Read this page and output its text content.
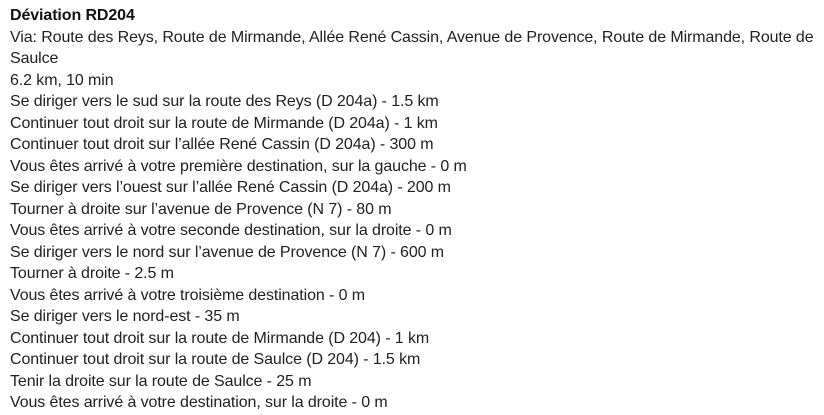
Déviation RD204
Via: Route des Reys, Route de Mirmande, Allée René Cassin, Avenue de Provence, Route de Mirmande, Route de Saulce
6.2 km, 10 min
Se diriger vers le sud sur la route des Reys (D 204a) - 1.5 km
Continuer tout droit sur la route de Mirmande (D 204a) - 1 km
Continuer tout droit sur l’allée René Cassin (D 204a) - 300 m
Vous êtes arrivé à votre première destination, sur la gauche - 0 m
Se diriger vers l’ouest sur l’allée René Cassin (D 204a) - 200 m
Tourner à droite sur l’avenue de Provence (N 7) - 80 m
Vous êtes arrivé à votre seconde destination, sur la droite - 0 m
Se diriger vers le nord sur l’avenue de Provence (N 7) - 600 m
Tourner à droite - 2.5 m
Vous êtes arrivé à votre troisième destination - 0 m
Se diriger vers le nord-est - 35 m
Continuer tout droit sur la route de Mirmande (D 204) - 1 km
Continuer tout droit sur la route de Saulce (D 204) - 1.5 km
Tenir la droite sur la route de Saulce - 25 m
Vous êtes arrivé à votre destination, sur la droite - 0 m
